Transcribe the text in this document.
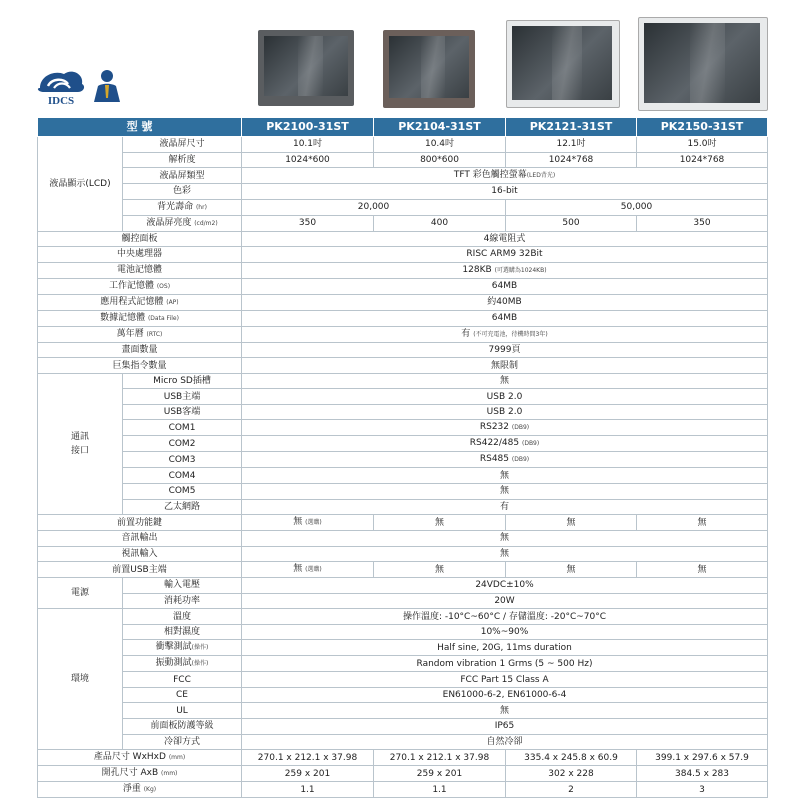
IDCS
型 號		PK2100-31ST	PK2104-31ST	PK2121-31ST	PK2150-31ST
液晶顯示(LCD)	液晶屏尺寸	10.1吋	10.4吋	12.1吋	15.0吋
	解析度	1024*600	800*600	1024*768	1024*768
	液晶屏類型	TFT 彩色觸控螢幕(LED背光)			
	色彩	16-bit			
	背光壽命 (hr)	20,000		50,000	
	液晶屏亮度 (cd/m2)	350	400	500	350
觸控面板		4線電阻式			
中央處理器		RISC ARM9 32Bit			
電池記憶體		128KB (可選購為1024KB)			
工作記憶體 (OS)		64MB			
應用程式記憶體 (AP)		約40MB			
數據記憶體 (Data File)		64MB			
萬年曆 (RTC)		有 (不可充電池，待機時間3年)			
畫面數量		7999頁			
巨集指令數量		無限制			
通訊
接口	Micro SD插槽	無			
	USB主端	USB 2.0			
	USB客端	USB 2.0			
	COM1	RS232 (DB9)			
	COM2	RS422/485 (DB9)			
	COM3	RS485 (DB9)			
	COM4	無			
	COM5	無			
	乙太網路	有			
前置功能鍵		無 (選購)	無	無	無
音訊輸出		無			
視訊輸入		無			
前置USB主端		無 (選購)	無	無	無
電源	輸入電壓	24VDC±10%			
	消耗功率	20W			
環境	溫度	操作溫度: -10°C~60°C / 存儲溫度: -20°C~70°C			
	相對濕度	10%~90%			
	衝擊測試(操作)	Half sine, 20G, 11ms duration			
	振動測試(操作)	Random vibration 1 Grms (5 ~ 500 Hz)			
	FCC	FCC Part 15 Class A			
	CE	EN61000-6-2, EN61000-6-4			
	UL	無			
	前面板防護等級	IP65			
	冷卻方式	自然冷卻			
產品尺寸 WxHxD (mm)		270.1 x 212.1 x 37.98	270.1 x 212.1 x 37.98	335.4 x 245.8 x 60.9	399.1 x 297.6 x 57.9
開孔尺寸 AxB (mm)		259 x 201	259 x 201	302 x 228	384.5 x 283
淨重 (Kg)		1.1	1.1	2	3
